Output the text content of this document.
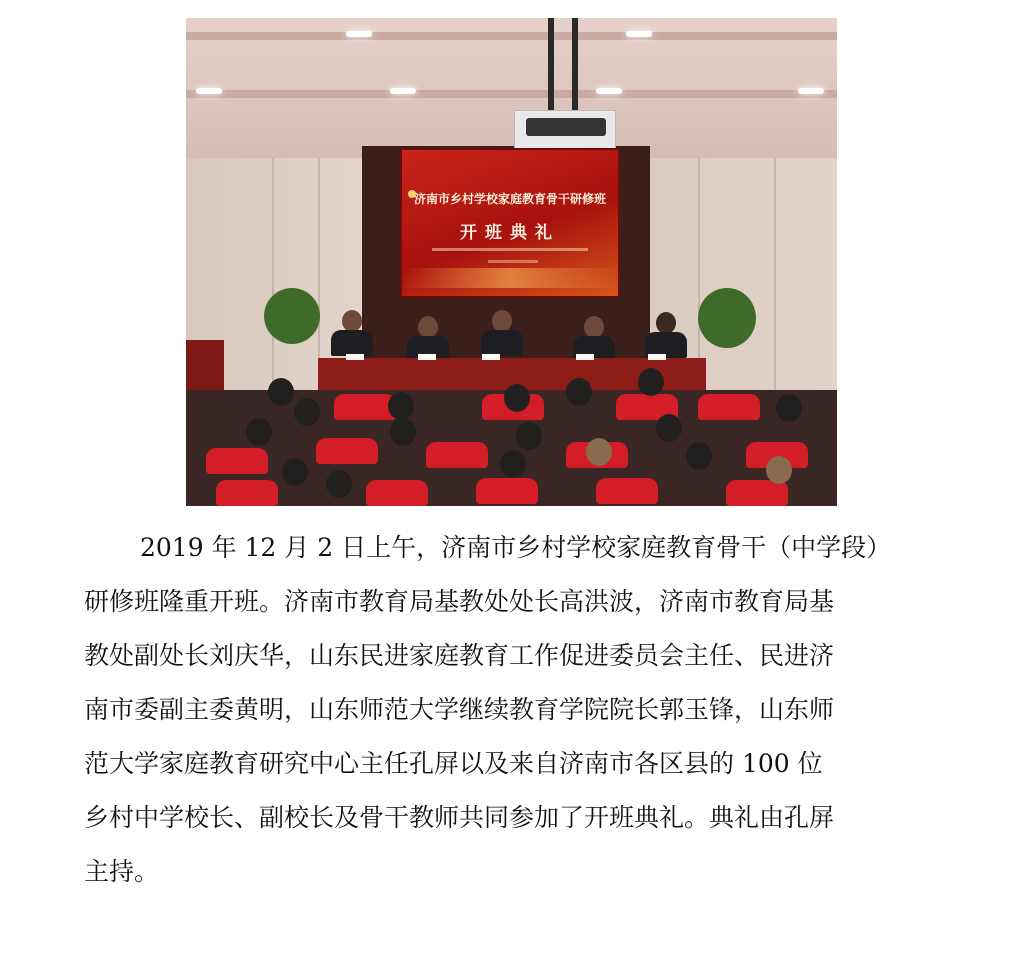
济南市乡村学校家庭教育骨干研修班
开班典礼
2019 年 12 月 2 日上午，济南市乡村学校家庭教育骨干（中学段）
研修班隆重开班。济南市教育局基教处处长高洪波，济南市教育局基
教处副处长刘庆华，山东民进家庭教育工作促进委员会主任、民进济
南市委副主委黄明，山东师范大学继续教育学院院长郭玉锋，山东师
范大学家庭教育研究中心主任孔屏以及来自济南市各区县的 100 位
乡村中学校长、副校长及骨干教师共同参加了开班典礼。典礼由孔屏
主持。
